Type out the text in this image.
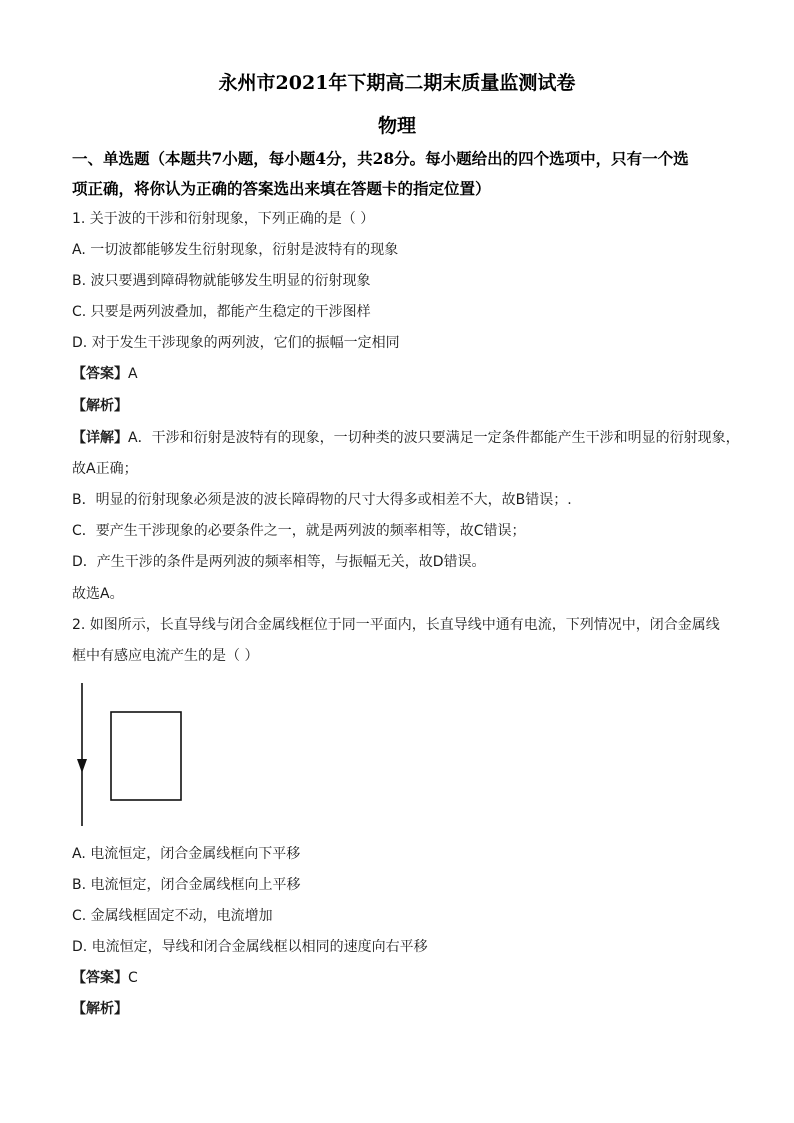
永州市2021年下期高二期末质量监测试卷
物理
一、单选题（本题共7小题，每小题4分，共28分。每小题给出的四个选项中，只有一个选
项正确，将你认为正确的答案选出来填在答题卡的指定位置）
1. 关于波的干涉和衍射现象，下列正确的是（ ）
A. 一切波都能够发生衍射现象，衍射是波特有的现象
B. 波只要遇到障碍物就能够发生明显的衍射现象
C. 只要是两列波叠加，都能产生稳定的干涉图样
D. 对于发生干涉现象的两列波，它们的振幅一定相同
【答案】A
【解析】
【详解】A．干涉和衍射是波特有的现象，一切种类的波只要满足一定条件都能产生干涉和明显的衍射现象，
故A正确；
B．明显的衍射现象必须是波的波长障碍物的尺寸大得多或相差不大，故B错误；.
C．要产生干涉现象的必要条件之一，就是两列波的频率相等，故C错误；
D．产生干涉的条件是两列波的频率相等，与振幅无关，故D错误。
故选A。
2. 如图所示，长直导线与闭合金属线框位于同一平面内，长直导线中通有电流，下列情况中，闭合金属线
框中有感应电流产生的是（ ）
A. 电流恒定，闭合金属线框向下平移
B. 电流恒定，闭合金属线框向上平移
C. 金属线框固定不动，电流增加
D. 电流恒定，导线和闭合金属线框以相同的速度向右平移
【答案】C
【解析】
